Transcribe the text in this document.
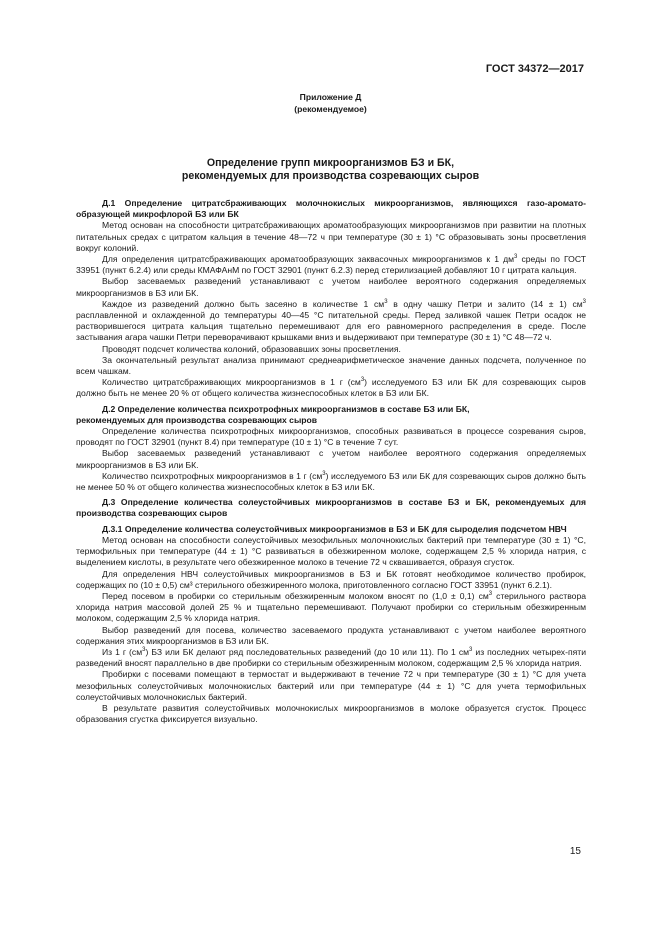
ГОСТ 34372—2017
Приложение Д
(рекомендуемое)
Определение групп микроорганизмов БЗ и БК,
рекомендуемых для производства созревающих сыров
Д.1 Определение цитратсбраживающих молочнокислых микроорганизмов, являющихся газо-аромато-образующей микрофлорой БЗ или БК

Метод основан на способности цитратсбраживающих ароматообразующих микроорганизмов при развитии на плотных питательных средах с цитратом кальция в течение 48—72 ч при температуре (30 ± 1) °С образовывать зоны просветления вокруг колоний.

Для определения цитратсбраживающих ароматообразующих заквасочных микроорганизмов к 1 $дм^3$ среды по ГОСТ 33951 (пункт 6.2.4) или среды КМАФАнМ по ГОСТ 32901 (пункт 6.2.3) перед стерилизацией добавляют 10 г цитрата кальция.

Выбор засеваемых разведений устанавливают с учетом наиболее вероятного содержания определяемых микроорганизмов в БЗ или БК.

Каждое из разведений должно быть засеяно в количестве 1 $см^3$ в одну чашку Петри и залито (14 ± 1) $см^3$ расплавленной и охлажденной до температуры 40—45 °С питательной среды. Перед заливкой чашек Петри осадок не растворившегося цитрата кальция тщательно перемешивают для его равномерного распределения в среде. После застывания агара чашки Петри переворачивают крышками вниз и выдерживают при температуре (30 ± 1) °С 48—72 ч.

Проводят подсчет количества колоний, образовавших зоны просветления.

За окончательный результат анализа принимают среднеарифметическое значение данных подсчета, полученное по всем чашкам.

Количество цитратсбраживающих микроорганизмов в 1 г $(см^3)$ исследуемого БЗ или БК для созревающих сыров должно быть не менее 20 % от общего количества жизнеспособных клеток в БЗ или БК.

Д.2 Определение количества психротрофных микроорганизмов в составе БЗ или БК,
рекомендуемых для производства созревающих сыров

Определение количества психротрофных микроорганизмов, способных развиваться в процессе созревания сыров, проводят по ГОСТ 32901 (пункт 8.4) при температуре (10 ± 1) °С в течение 7 сут.

Выбор засеваемых разведений устанавливают с учетом наиболее вероятного содержания определяемых микроорганизмов в БЗ или БК.

Количество психротрофных микроорганизмов в 1 г $(см^3)$ исследуемого БЗ или БК для созревающих сыров должно быть не менее 50 % от общего количества жизнеспособных клеток в БЗ или БК.

Д.3 Определение количества солеустойчивых микроорганизмов в составе БЗ и БК, рекомендуемых для производства созревающих сыров
Д.3.1 Определение количества солеустойчивых микроорганизмов в БЗ и БК для сыроделия подсчетом НВЧ

Метод основан на способности солеустойчивых мезофильных молочнокислых бактерий при температуре (30 ± 1) °С, термофильных при температуре (44 ± 1) °С развиваться в обезжиренном молоке, содержащем 2,5 % хлорида натрия, с выделением кислоты, в результате чего обезжиренное молоко в течение 72 ч сквашивается, образуя сгусток.

Для определения НВЧ солеустойчивых микроорганизмов в БЗ и БК готовят необходимое количество пробирок, содержащих по (10 ± 0,5) см³ стерильного обезжиренного молока, приготовленного согласно ГОСТ 33951 (пункт 6.2.1).

Перед посевом в пробирки со стерильным обезжиренным молоком вносят по (1,0 ± 0,1) $см^3$ стерильного раствора хлорида натрия массовой долей 25 % и тщательно перемешивают. Получают пробирки со стерильным обезжиренным молоком, содержащим 2,5 % хлорида натрия.

Выбор разведений для посева, количество засеваемого продукта устанавливают с учетом наиболее вероятного содержания этих микроорганизмов в БЗ или БК.

Из 1 г $(см^3)$ БЗ или БК делают ряд последовательных разведений (до 10 или 11). По 1 $см^3$ из последних четырех-пяти разведений вносят параллельно в две пробирки со стерильным обезжиренным молоком, содержащим 2,5 % хлорида натрия.

Пробирки с посевами помещают в термостат и выдерживают в течение 72 ч при температуре (30 ± 1) °С для учета мезофильных солеустойчивых молочнокислых бактерий или при температуре (44 ± 1) °С для учета термофильных солеустойчивых молочнокислых бактерий.

В результате развития солеустойчивых молочнокислых микроорганизмов в молоке образуется сгусток. Процесс образования сгустка фиксируется визуально.

15
